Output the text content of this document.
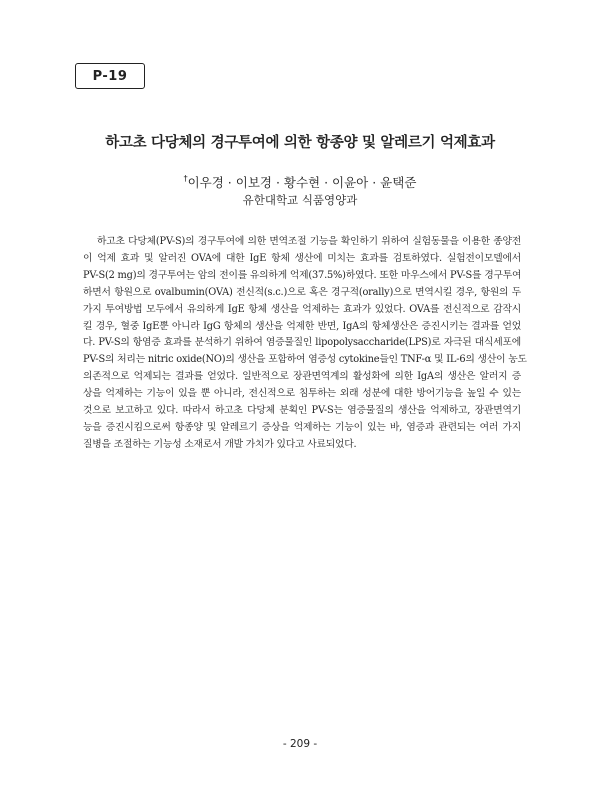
P-19
하고초 다당체의 경구투여에 의한 항종양 및 알레르기 억제효과
†이우경 · 이보경 · 황수현 · 이윤아 · 윤택준
유한대학교 식품영양과
하고초 다당체(PV-S)의 경구투여에 의한 면역조절 기능을 확인하기 위하여 실험동물을 이용한 종양전
이 억제 효과 및 알러진 OVA에 대한 IgE 항체 생산에 미치는 효과를 검토하였다. 실험전이모델에서
PV-S(2 mg)의 경구투여는 암의 전이를 유의하게 억제(37.5%)하였다. 또한 마우스에서 PV-S를 경구투여
하면서 항원으로 ovalbumin(OVA) 전신적(s.c.)으로 혹은 경구적(orally)으로 면역시킬 경우, 항원의 두
가지 투여방법 모두에서 유의하게 IgE 항체 생산을 억제하는 효과가 있었다. OVA를 전신적으로 감작시
킬 경우, 혈중 IgE뿐 아니라 IgG 항체의 생산을 억제한 반면, IgA의 항체생산은 증진시키는 결과를 얻었
다. PV-S의 항염증 효과를 분석하기 위하여 염증물질인 lipopolysaccharide(LPS)로 자극된 대식세포에
PV-S의 처리는 nitric oxide(NO)의 생산을 포함하여 염증성 cytokine들인 TNF-α 및 IL-6의 생산이 농도
의존적으로 억제되는 결과를 얻었다. 일반적으로 장관면역계의 활성화에 의한 IgA의 생산은 알러지 증
상을 억제하는 기능이 있을 뿐 아니라, 전신적으로 침투하는 외래 성분에 대한 방어기능을 높일 수 있는
것으로 보고하고 있다. 따라서 하고초 다당체 분획인 PV-S는 염증물질의 생산을 억제하고, 장관면역기
능을 증진시킴으로써 항종양 및 알레르기 증상을 억제하는 기능이 있는 바, 염증과 관련되는 여러 가지
질병을 조절하는 기능성 소재로서 개발 가치가 있다고 사료되었다.
- 209 -
